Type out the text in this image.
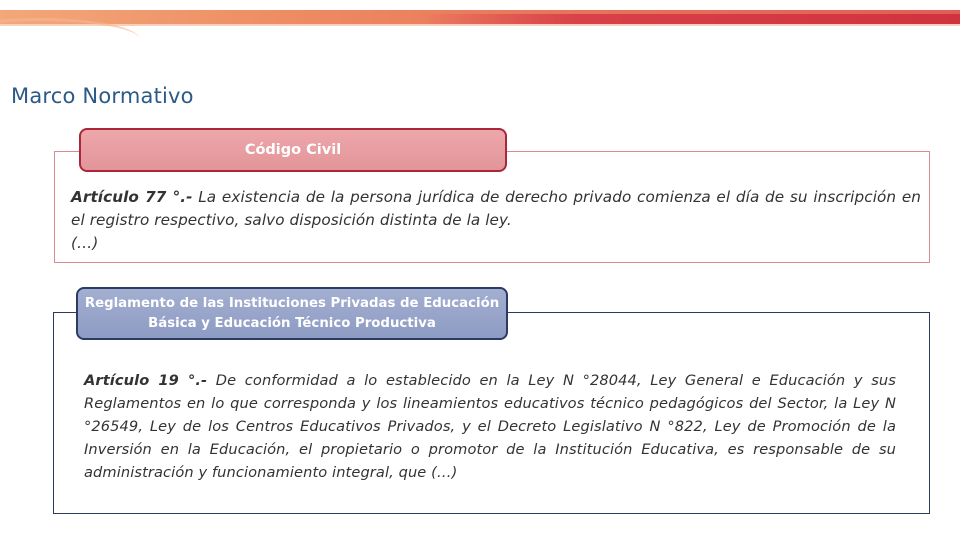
Marco Normativo
Código Civil

Artículo 77 °.- La existencia de la persona jurídica de derecho privado comienza el día de su inscripción en el registro respectivo, salvo disposición distinta de la ley.
(…)

Reglamento de las Instituciones Privadas de Educación Básica y Educación Técnico Productiva

Artículo 19 °.- De conformidad a lo establecido en la Ley N °28044, Ley General e Educación y sus Reglamentos en lo que corresponda y los lineamientos educativos técnico pedagógicos del Sector, la Ley N °26549, Ley de los Centros Educativos Privados, y el Decreto Legislativo N °822, Ley de Promoción de la Inversión en la Educación, el propietario o promotor de la Institución Educativa, es responsable de su administración y funcionamiento integral, que (…)
